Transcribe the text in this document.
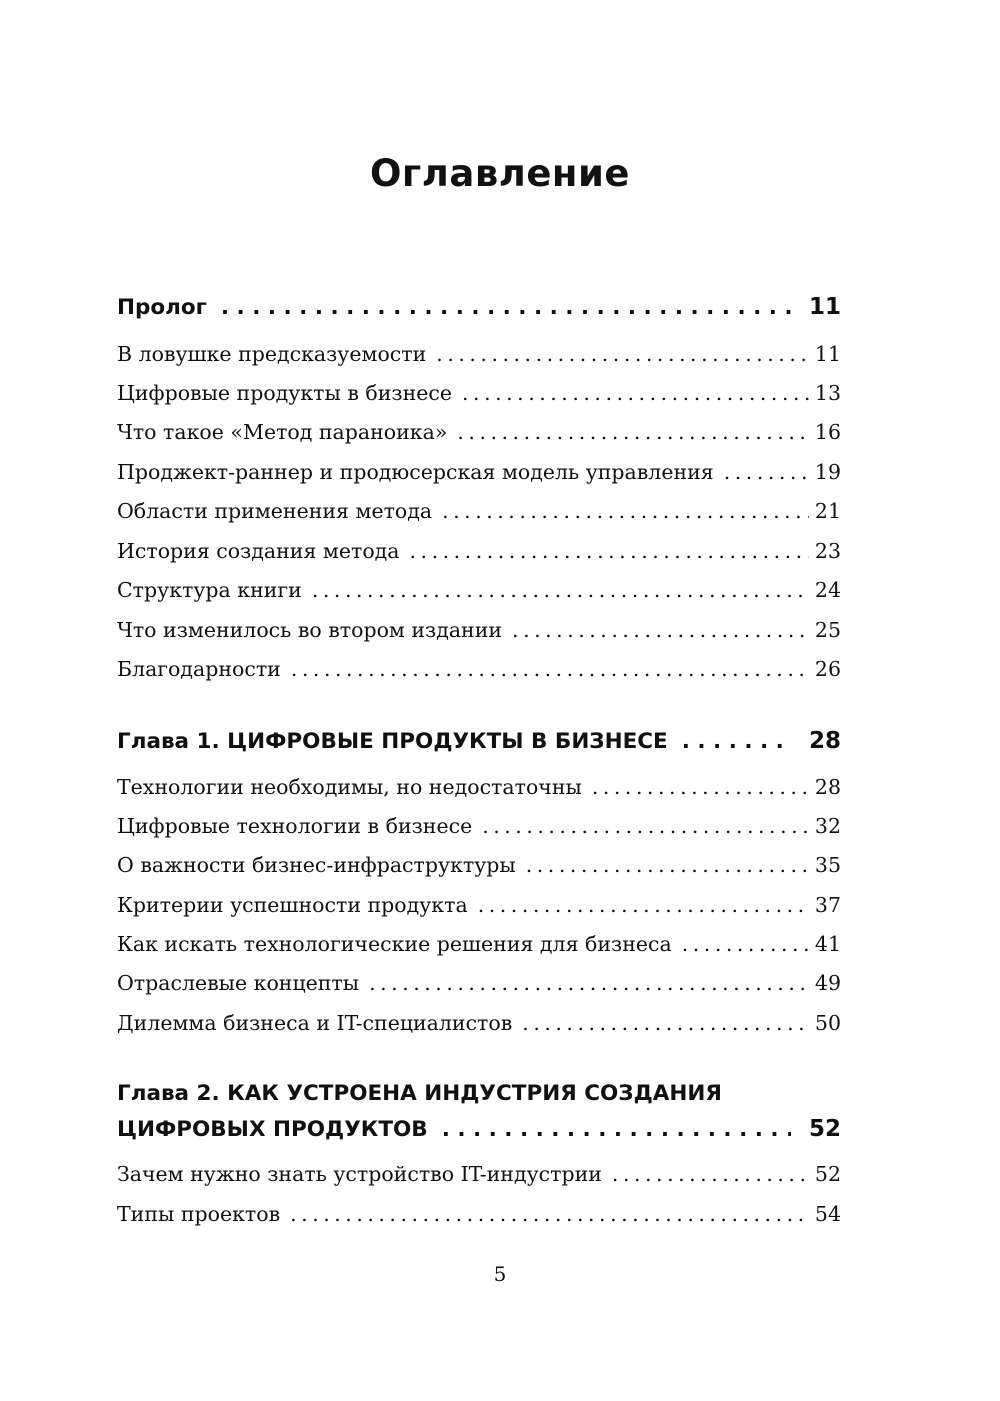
Оглавление
Пролог . . .	11
В ловушке предсказуемости . . .	11
Цифровые продукты в бизнесе . . .	13
Что такое «Метод параноика» . . .	16
Проджект-раннер и продюсерская модель управления . . .	19
Области применения метода . . .	21
История создания метода . . .	23
Структура книги . . .	24
Что изменилось во втором издании . . .	25
Благодарности . . .	26
Глава 1. ЦИФРОВЫЕ ПРОДУКТЫ В БИЗНЕСЕ . . .	28
Технологии необходимы, но недостаточны . . .	28
Цифровые технологии в бизнесе . . .	32
О важности бизнес-инфраструктуры . . .	35
Критерии успешности продукта . . .	37
Как искать технологические решения для бизнеса . . .	41
Отраслевые концепты . . .	49
Дилемма бизнеса и IT-специалистов . . .	50
Глава 2. КАК УСТРОЕНА ИНДУСТРИЯ СОЗДАНИЯ
ЦИФРОВЫХ ПРОДУКТОВ . . .	52
Зачем нужно знать устройство IT-индустрии . . .	52
Типы проектов . . .	54
5
